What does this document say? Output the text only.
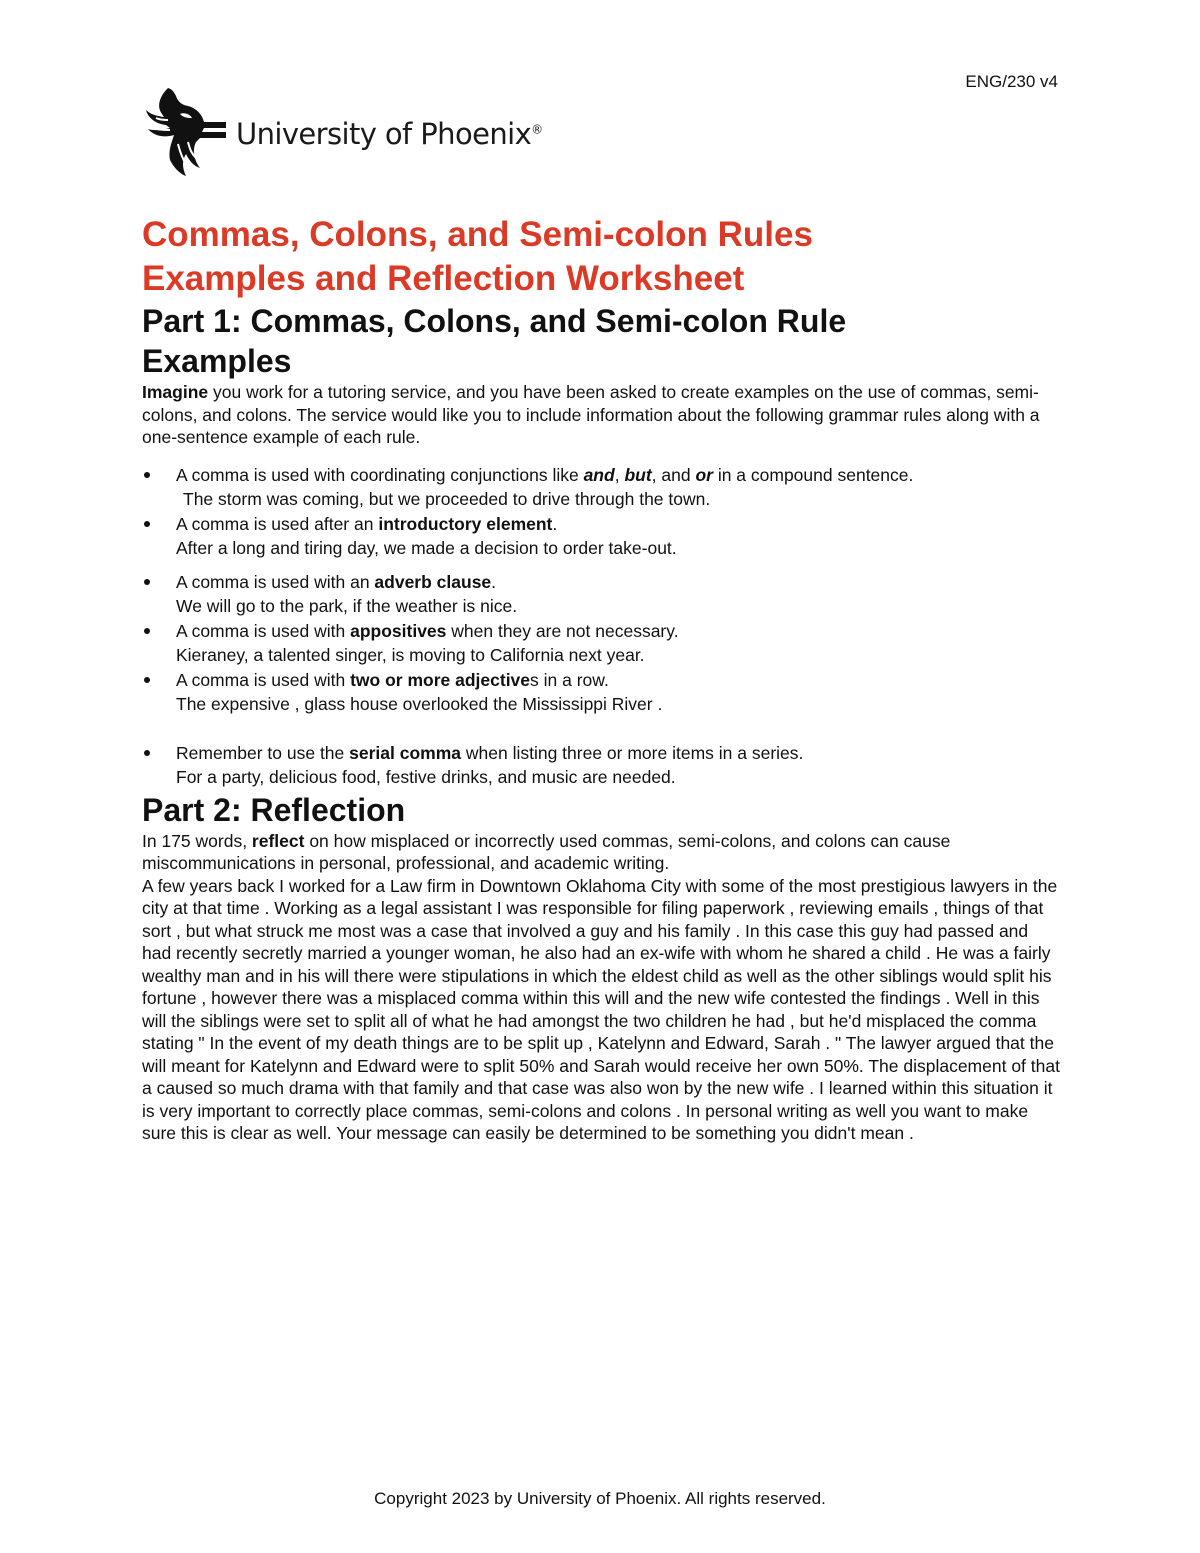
ENG/230 v4
University of Phoenix®
Commas, Colons, and Semi-colon Rules
Examples and Reflection Worksheet
Part 1: Commas, Colons, and Semi-colon Rule
Examples

Imagine you work for a tutoring service, and you have been asked to create examples on the use of commas, semi-colons, and colons. The service would like you to include information about the following grammar rules along with a one-sentence example of each rule.

A comma is used with coordinating conjunctions like and, but, and or in a compound sentence.
The storm was coming, but we proceeded to drive through the town.
A comma is used after an introductory element.
After a long and tiring day, we made a decision to order take-out.
A comma is used with an adverb clause.
We will go to the park, if the weather is nice.
A comma is used with appositives when they are not necessary.
Kieraney, a talented singer, is moving to California next year.
A comma is used with two or more adjectives in a row.
The expensive , glass house overlooked the Mississippi River .
Remember to use the serial comma when listing three or more items in a series.
For a party, delicious food, festive drinks, and music are needed.
Part 2: Reflection

In 175 words, reflect on how misplaced or incorrectly used commas, semi-colons, and colons can cause miscommunications in personal, professional, and academic writing.

A few years back I worked for a Law firm in Downtown Oklahoma City with some of the most prestigious lawyers in the city at that time . Working as a legal assistant I was responsible for filing paperwork , reviewing emails , things of that sort , but what struck me most was a case that involved a guy and his family . In this case this guy had passed and had recently secretly married a younger woman, he also had an ex-wife with whom he shared a child . He was a fairly wealthy man and in his will there were stipulations in which the eldest child as well as the other siblings would split his fortune , however there was a misplaced comma within this will and the new wife contested the findings . Well in this will the siblings were set to split all of what he had amongst the two children he had , but he'd misplaced the comma stating " In the event of my death things are to be split up , Katelynn and Edward, Sarah . " The lawyer argued that the will meant for Katelynn and Edward were to split 50% and Sarah would receive her own 50%. The displacement of that a caused so much drama with that family and that case was also won by the new wife . I learned within this situation it is very important to correctly place commas, semi-colons and colons . In personal writing as well you want to make sure this is clear as well. Your message can easily be determined to be something you didn't mean .

Copyright 2023 by University of Phoenix. All rights reserved.
